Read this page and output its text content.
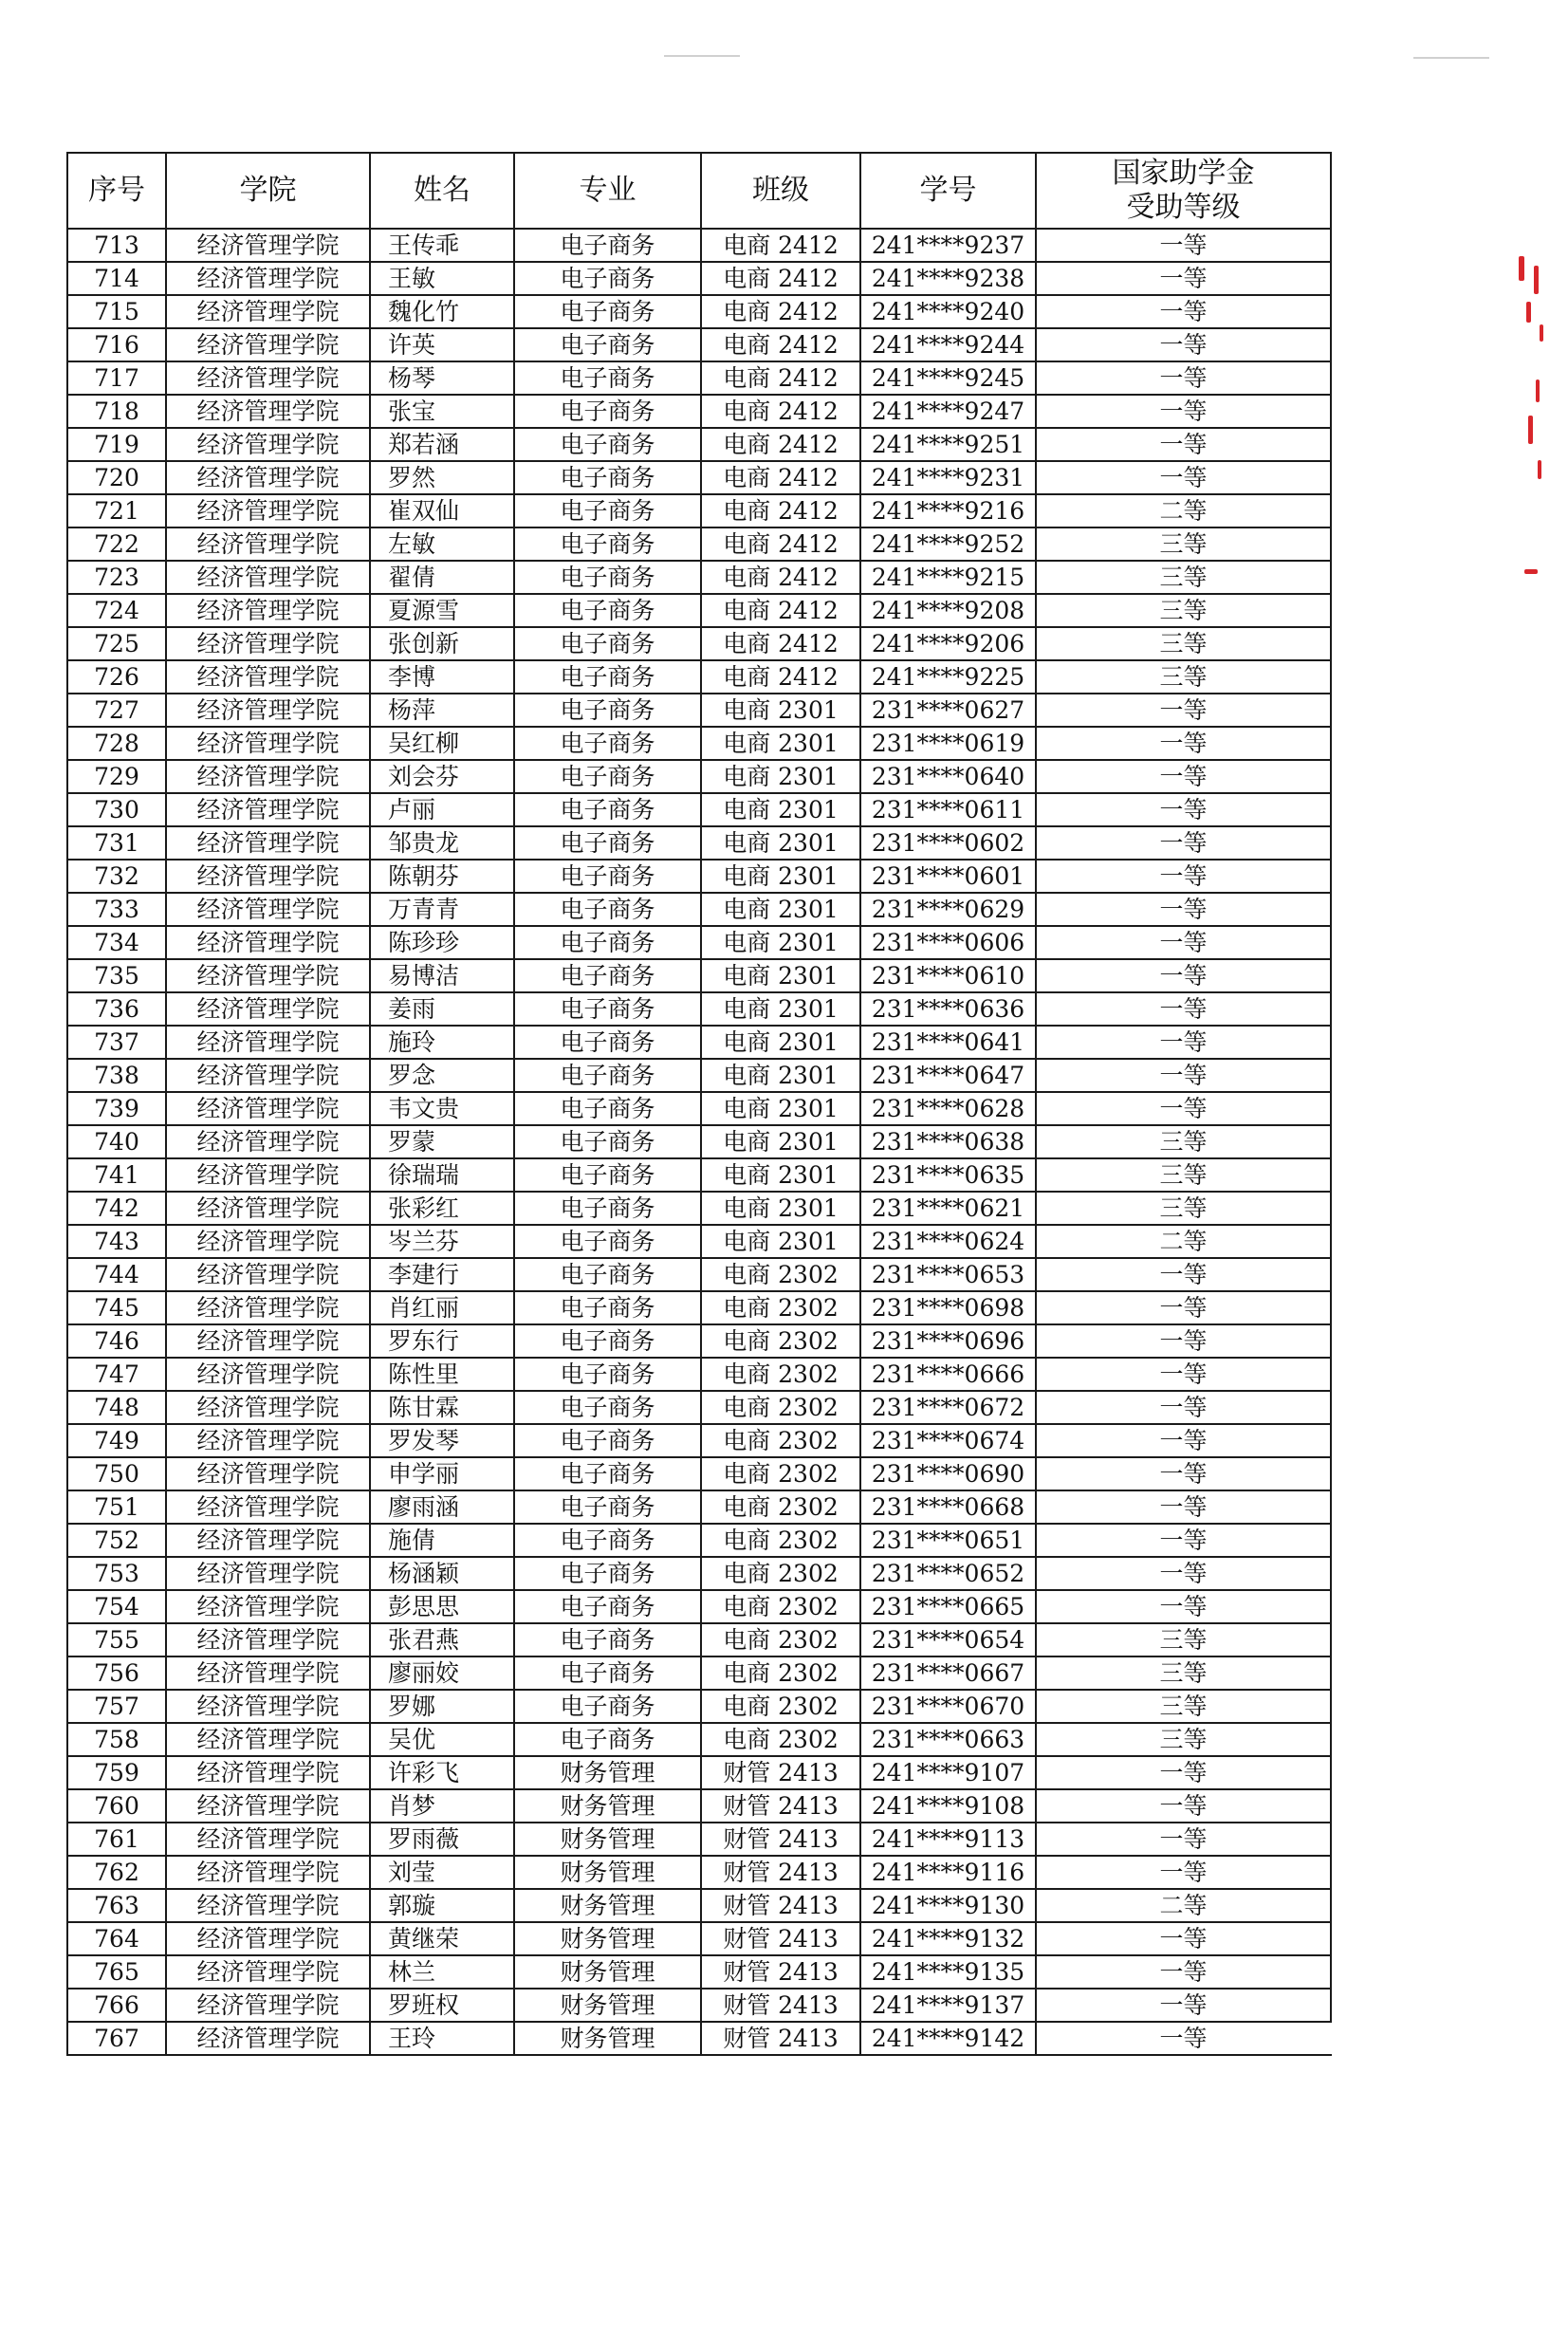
序号	学院	姓名	专业	班级	学号	国家助学金
受助等级

713	经济管理学院	王传乖	电子商务	电商 2412	241****9237	一等
714	经济管理学院	王敏	电子商务	电商 2412	241****9238	一等
715	经济管理学院	魏化竹	电子商务	电商 2412	241****9240	一等
716	经济管理学院	许英	电子商务	电商 2412	241****9244	一等
717	经济管理学院	杨琴	电子商务	电商 2412	241****9245	一等
718	经济管理学院	张宝	电子商务	电商 2412	241****9247	一等
719	经济管理学院	郑若涵	电子商务	电商 2412	241****9251	一等
720	经济管理学院	罗然	电子商务	电商 2412	241****9231	一等
721	经济管理学院	崔双仙	电子商务	电商 2412	241****9216	二等
722	经济管理学院	左敏	电子商务	电商 2412	241****9252	三等
723	经济管理学院	翟倩	电子商务	电商 2412	241****9215	三等
724	经济管理学院	夏源雪	电子商务	电商 2412	241****9208	三等
725	经济管理学院	张创新	电子商务	电商 2412	241****9206	三等
726	经济管理学院	李博	电子商务	电商 2412	241****9225	三等
727	经济管理学院	杨萍	电子商务	电商 2301	231****0627	一等
728	经济管理学院	吴红柳	电子商务	电商 2301	231****0619	一等
729	经济管理学院	刘会芬	电子商务	电商 2301	231****0640	一等
730	经济管理学院	卢丽	电子商务	电商 2301	231****0611	一等
731	经济管理学院	邹贵龙	电子商务	电商 2301	231****0602	一等
732	经济管理学院	陈朝芬	电子商务	电商 2301	231****0601	一等
733	经济管理学院	万青青	电子商务	电商 2301	231****0629	一等
734	经济管理学院	陈珍珍	电子商务	电商 2301	231****0606	一等
735	经济管理学院	易博洁	电子商务	电商 2301	231****0610	一等
736	经济管理学院	姜雨	电子商务	电商 2301	231****0636	一等
737	经济管理学院	施玲	电子商务	电商 2301	231****0641	一等
738	经济管理学院	罗念	电子商务	电商 2301	231****0647	一等
739	经济管理学院	韦文贵	电子商务	电商 2301	231****0628	一等
740	经济管理学院	罗蒙	电子商务	电商 2301	231****0638	三等
741	经济管理学院	徐瑞瑞	电子商务	电商 2301	231****0635	三等
742	经济管理学院	张彩红	电子商务	电商 2301	231****0621	三等
743	经济管理学院	岑兰芬	电子商务	电商 2301	231****0624	二等
744	经济管理学院	李建行	电子商务	电商 2302	231****0653	一等
745	经济管理学院	肖红丽	电子商务	电商 2302	231****0698	一等
746	经济管理学院	罗东行	电子商务	电商 2302	231****0696	一等
747	经济管理学院	陈性里	电子商务	电商 2302	231****0666	一等
748	经济管理学院	陈甘霖	电子商务	电商 2302	231****0672	一等
749	经济管理学院	罗发琴	电子商务	电商 2302	231****0674	一等
750	经济管理学院	申学丽	电子商务	电商 2302	231****0690	一等
751	经济管理学院	廖雨涵	电子商务	电商 2302	231****0668	一等
752	经济管理学院	施倩	电子商务	电商 2302	231****0651	一等
753	经济管理学院	杨涵颖	电子商务	电商 2302	231****0652	一等
754	经济管理学院	彭思思	电子商务	电商 2302	231****0665	一等
755	经济管理学院	张君燕	电子商务	电商 2302	231****0654	三等
756	经济管理学院	廖丽姣	电子商务	电商 2302	231****0667	三等
757	经济管理学院	罗娜	电子商务	电商 2302	231****0670	三等
758	经济管理学院	吴优	电子商务	电商 2302	231****0663	三等
759	经济管理学院	许彩飞	财务管理	财管 2413	241****9107	一等
760	经济管理学院	肖梦	财务管理	财管 2413	241****9108	一等
761	经济管理学院	罗雨薇	财务管理	财管 2413	241****9113	一等
762	经济管理学院	刘莹	财务管理	财管 2413	241****9116	一等
763	经济管理学院	郭璇	财务管理	财管 2413	241****9130	二等
764	经济管理学院	黄继荣	财务管理	财管 2413	241****9132	一等
765	经济管理学院	林兰	财务管理	财管 2413	241****9135	一等
766	经济管理学院	罗班权	财务管理	财管 2413	241****9137	一等
767	经济管理学院	王玲	财务管理	财管 2413	241****9142	一等
